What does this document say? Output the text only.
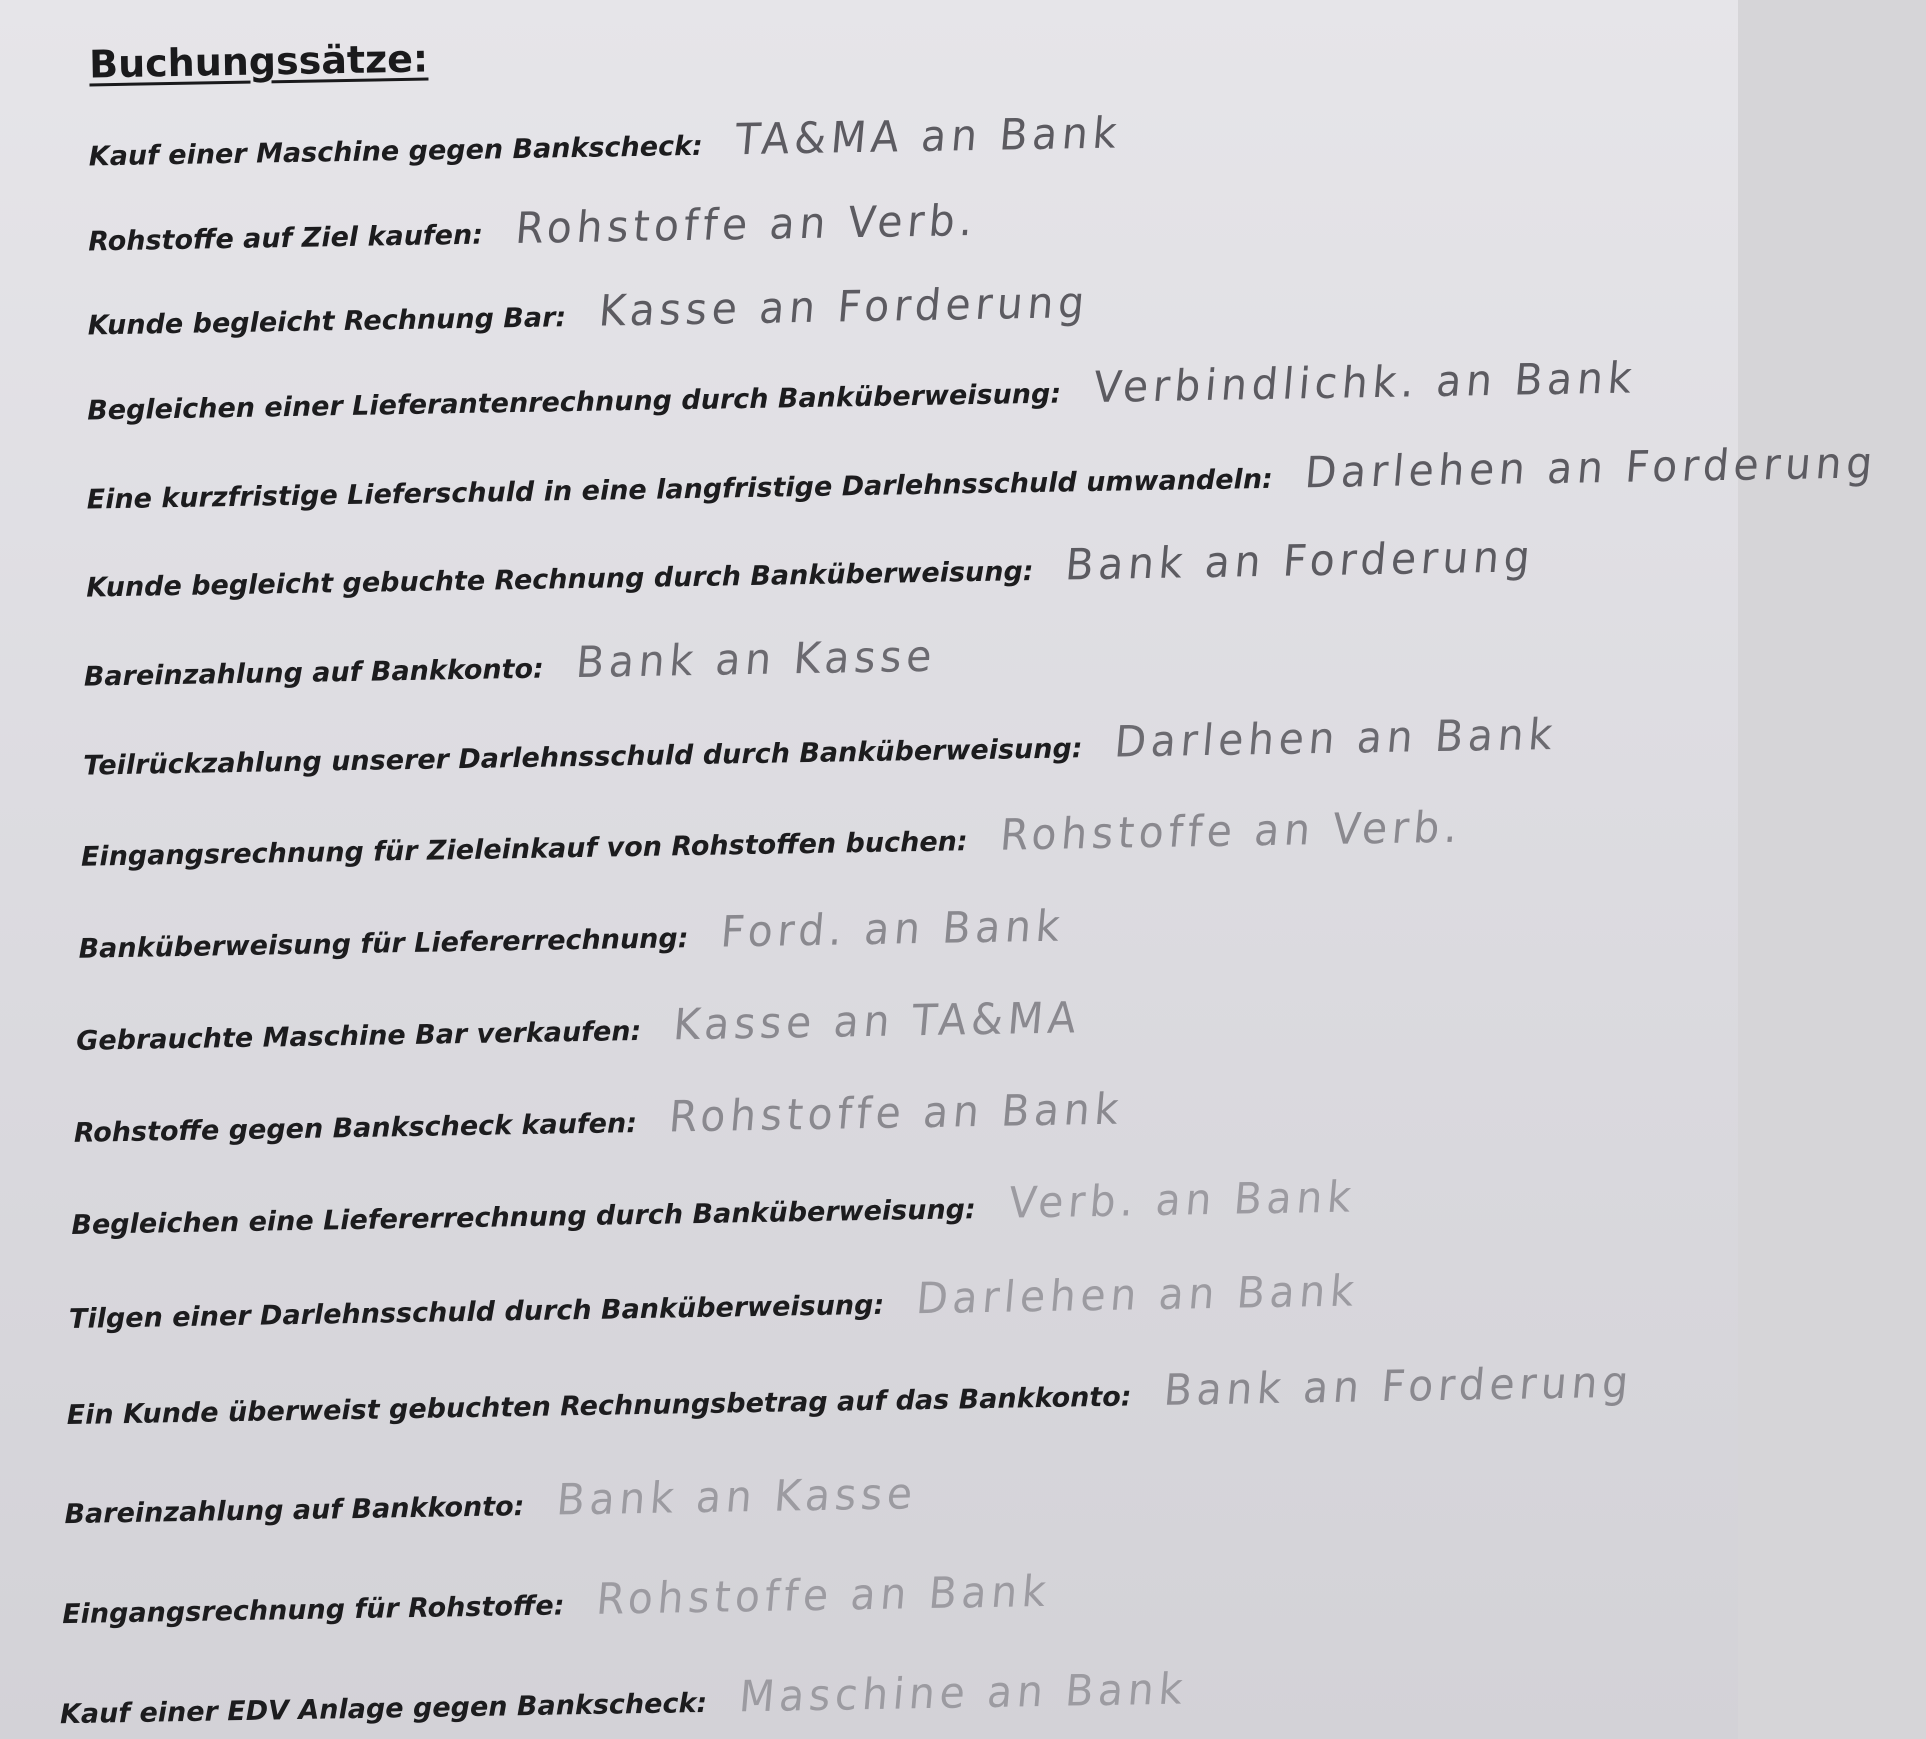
Buchungssätze:
Kauf einer Maschine gegen Bankscheck: TA&MA an Bank
Rohstoffe auf Ziel kaufen: Rohstoffe an Verb.
Kunde begleicht Rechnung Bar: Kasse an Forderung
Begleichen einer Lieferantenrechnung durch Banküberweisung: Verbindlichk. an Bank
Eine kurzfristige Lieferschuld in eine langfristige Darlehnsschuld umwandeln: Darlehen an Forderung
Kunde begleicht gebuchte Rechnung durch Banküberweisung: Bank an Forderung
Bareinzahlung auf Bankkonto: Bank an Kasse
Teilrückzahlung unserer Darlehnsschuld durch Banküberweisung: Darlehen an Bank
Eingangsrechnung für Zieleinkauf von Rohstoffen buchen: Rohstoffe an Verb.
Banküberweisung für Liefererrechnung: Ford. an Bank
Gebrauchte Maschine Bar verkaufen: Kasse an TA&MA
Rohstoffe gegen Bankscheck kaufen: Rohstoffe an Bank
Begleichen eine Liefererrechnung durch Banküberweisung: Verb. an Bank
Tilgen einer Darlehnsschuld durch Banküberweisung: Darlehen an Bank
Ein Kunde überweist gebuchten Rechnungsbetrag auf das Bankkonto: Bank an Forderung
Bareinzahlung auf Bankkonto: Bank an Kasse
Eingangsrechnung für Rohstoffe: Rohstoffe an Bank
Kauf einer EDV Anlage gegen Bankscheck: Maschine an Bank
